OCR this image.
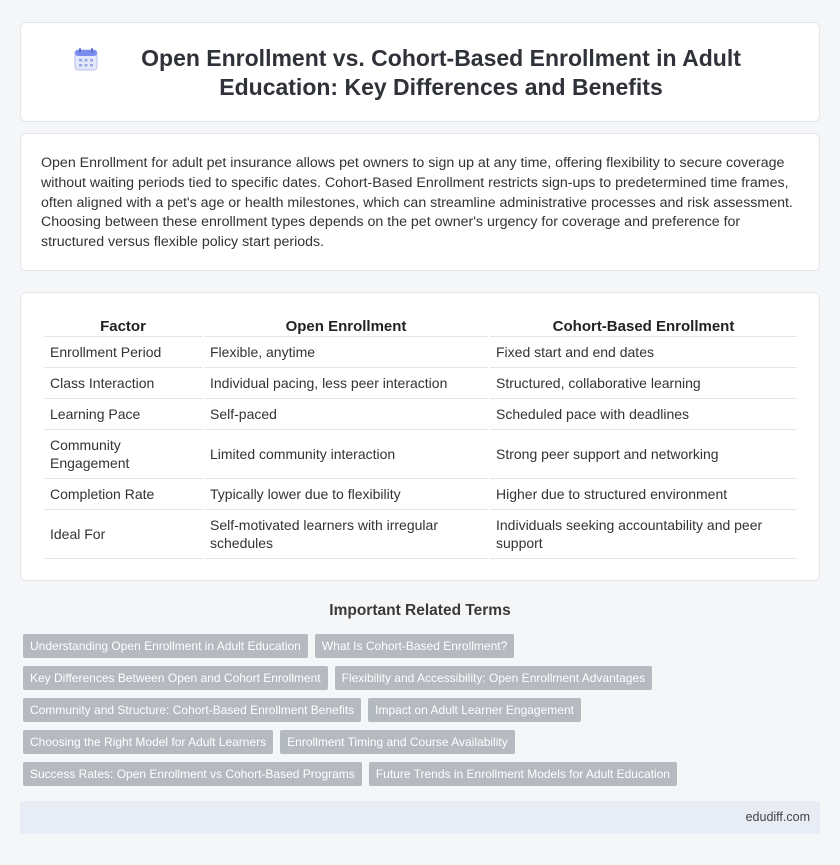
Open Enrollment vs. Cohort-Based Enrollment in Adult Education: Key Differences and Benefits

Open Enrollment for adult pet insurance allows pet owners to sign up at any time, offering flexibility to secure coverage without waiting periods tied to specific dates. Cohort-Based Enrollment restricts sign-ups to predetermined time frames, often aligned with a pet's age or health milestones, which can streamline administrative processes and risk assessment. Choosing between these enrollment types depends on the pet owner's urgency for coverage and preference for structured versus flexible policy start periods.

Factor	Open Enrollment	Cohort-Based Enrollment
Enrollment Period	Flexible, anytime	Fixed start and end dates
Class Interaction	Individual pacing, less peer interaction	Structured, collaborative learning
Learning Pace	Self-paced	Scheduled pace with deadlines
Community Engagement	Limited community interaction	Strong peer support and networking
Completion Rate	Typically lower due to flexibility	Higher due to structured environment
Ideal For	Self-motivated learners with irregular schedules	Individuals seeking accountability and peer support
Important Related Terms
Understanding Open Enrollment in Adult Education	What Is Cohort-Based Enrollment?
Key Differences Between Open and Cohort Enrollment	Flexibility and Accessibility: Open Enrollment Advantages
Community and Structure: Cohort-Based Enrollment Benefits	Impact on Adult Learner Engagement
Choosing the Right Model for Adult Learners	Enrollment Timing and Course Availability
Success Rates: Open Enrollment vs Cohort-Based Programs	Future Trends in Enrollment Models for Adult Education
edudiff.com
